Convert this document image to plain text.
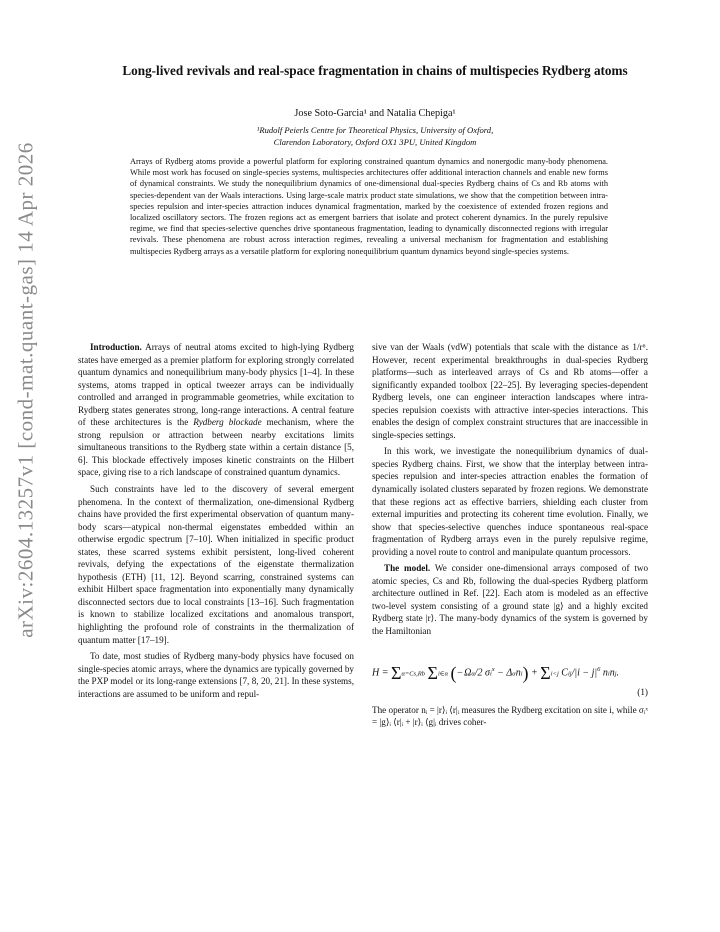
arXiv:2604.13257v1 [cond-mat.quant-gas] 14 Apr 2026
Long-lived revivals and real-space fragmentation in chains of multispecies Rydberg atoms
Jose Soto-Garcia¹ and Natalia Chepiga¹
¹Rudolf Peierls Centre for Theoretical Physics, University of Oxford,
Clarendon Laboratory, Oxford OX1 3PU, United Kingdom
Arrays of Rydberg atoms provide a powerful platform for exploring constrained quantum dynamics and nonergodic many-body phenomena. While most work has focused on single-species systems, multispecies architectures offer additional interaction channels and enable new forms of dynamical constraints. We study the nonequilibrium dynamics of one-dimensional dual-species Rydberg chains of Cs and Rb atoms with species-dependent van der Waals interactions. Using large-scale matrix product state simulations, we show that the competition between intra-species repulsion and inter-species attraction induces dynamical fragmentation, marked by the coexistence of extended frozen regions and localized oscillatory sectors. The frozen regions act as emergent barriers that isolate and protect coherent dynamics. In the purely repulsive regime, we find that species-selective quenches drive spontaneous fragmentation, leading to dynamically disconnected regions with irregular revivals. These phenomena are robust across interaction regimes, revealing a universal mechanism for fragmentation and establishing multispecies Rydberg arrays as a versatile platform for exploring nonequilibrium quantum dynamics beyond single-species systems.

Introduction. Arrays of neutral atoms excited to high-lying Rydberg states have emerged as a premier platform for exploring strongly correlated quantum dynamics and nonequilibrium many-body physics [1–4]. In these systems, atoms trapped in optical tweezer arrays can be individually controlled and arranged in programmable geometries, while excitation to Rydberg states generates strong, long-range interactions. A central feature of these architectures is the Rydberg blockade mechanism, where the strong repulsion or attraction between nearby excitations limits simultaneous transitions to the Rydberg state within a certain distance [5, 6]. This blockade effectively imposes kinetic constraints on the Hilbert space, giving rise to a rich landscape of constrained quantum dynamics.

Such constraints have led to the discovery of several emergent phenomena. In the context of thermalization, one-dimensional Rydberg chains have provided the first experimental observation of quantum many-body scars—atypical non-thermal eigenstates embedded within an otherwise ergodic spectrum [7–10]. When initialized in specific product states, these scarred systems exhibit persistent, long-lived coherent revivals, defying the expectations of the eigenstate thermalization hypothesis (ETH) [11, 12]. Beyond scarring, constrained systems can exhibit Hilbert space fragmentation into exponentially many dynamically disconnected sectors due to local constraints [13–16]. Such fragmentation is known to stabilize localized excitations and anomalous transport, highlighting the profound role of constraints in the thermalization of quantum matter [17–19].

To date, most studies of Rydberg many-body physics have focused on single-species atomic arrays, where the dynamics are typically governed by the PXP model or its long-range extensions [7, 8, 20, 21]. In these systems, interactions are assumed to be uniform and repul-

sive van der Waals (vdW) potentials that scale with the distance as 1/r⁶. However, recent experimental breakthroughs in dual-species Rydberg platforms—such as interleaved arrays of Cs and Rb atoms—offer a significantly expanded toolbox [22–25]. By leveraging species-dependent Rydberg levels, one can engineer interaction landscapes where intra-species repulsion coexists with attractive inter-species interactions. This enables the design of complex constraint structures that are inaccessible in single-species settings.

In this work, we investigate the nonequilibrium dynamics of dual-species Rydberg chains. First, we show that the interplay between intra-species repulsion and inter-species attraction enables the formation of dynamically isolated clusters separated by frozen regions. We demonstrate that these regions act as effective barriers, shielding each cluster from external impurities and protecting its coherent time evolution. Finally, we show that species-selective quenches induce spontaneous real-space fragmentation of Rydberg arrays even in the purely repulsive regime, providing a novel route to control and manipulate quantum processors.

The model. We consider one-dimensional arrays composed of two atomic species, Cs and Rb, following the dual-species Rydberg platform architecture outlined in Ref. [22]. Each atom is modeled as an effective two-level system consisting of a ground state |g⟩ and a highly excited Rydberg state |r⟩. The many-body dynamics of the system is governed by the Hamiltonian

H = Σα=Cs,Rb Σi∈α (− Ωα/2 $\sigma i^x - \Delta\alpha ni) + \Sigma i<j$ $Cij/|i - j|^6$ ninj.
(1)

The operator nᵢ = |r⟩ᵢ ⟨r|ᵢ measures the Rydberg excitation on site i, while σᵢˣ = |g⟩ᵢ ⟨r|ᵢ + |r⟩ᵢ ⟨g|ᵢ drives coher-
